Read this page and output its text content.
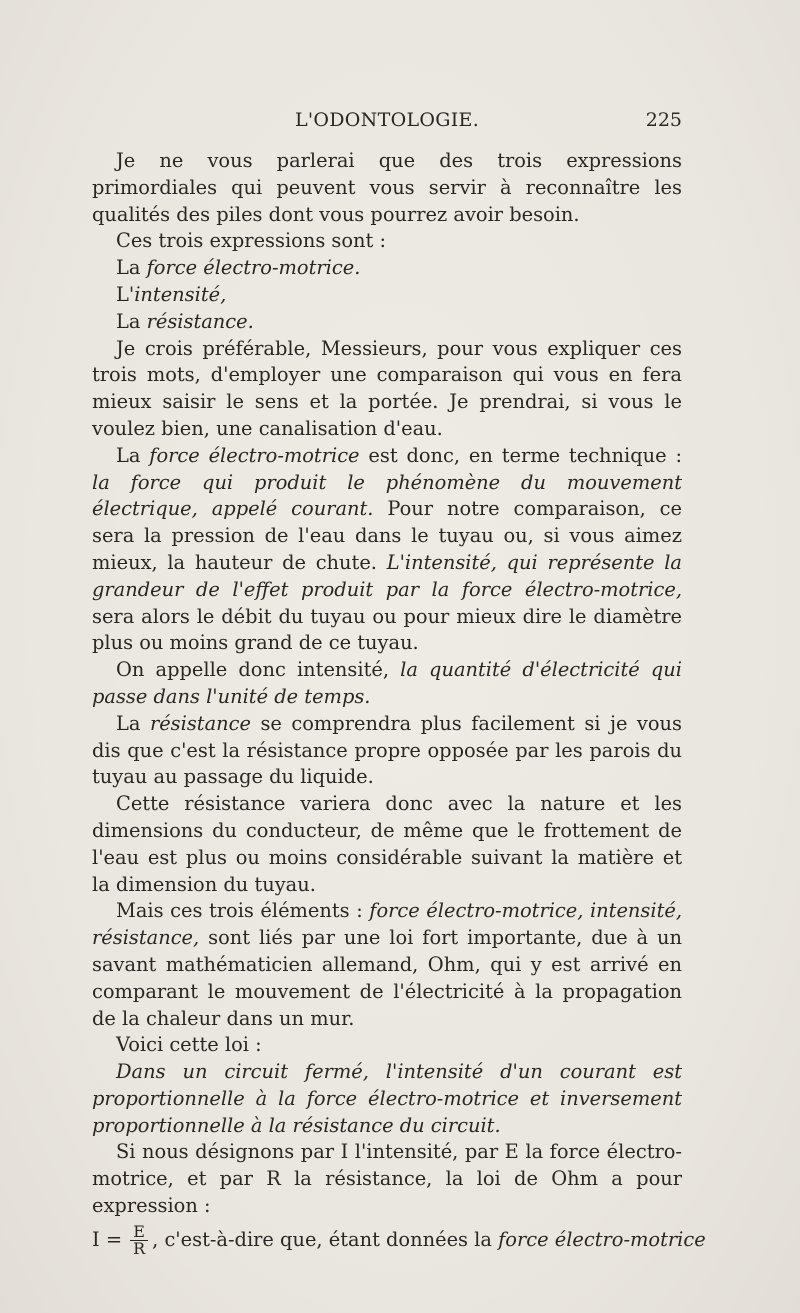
L'ODONTOLOGIE.	225

Je ne vous parlerai que des trois expressions primordiales qui peuvent vous servir à reconnaître les qualités des piles dont vous pourrez avoir besoin.

Ces trois expressions sont :

La force électro-motrice.

L'intensité,

La résistance.

Je crois préférable, Messieurs, pour vous expliquer ces trois mots, d'employer une comparaison qui vous en fera mieux saisir le sens et la portée. Je prendrai, si vous le voulez bien, une canalisation d'eau.

La force électro-motrice est donc, en terme technique : la force qui produit le phénomène du mouvement électrique, appelé courant. Pour notre comparaison, ce sera la pression de l'eau dans le tuyau ou, si vous aimez mieux, la hauteur de chute. L'intensité, qui représente la grandeur de l'effet produit par la force électro-motrice, sera alors le débit du tuyau ou pour mieux dire le diamètre plus ou moins grand de ce tuyau.

On appelle donc intensité, la quantité d'électricité qui passe dans l'unité de temps.

La résistance se comprendra plus facilement si je vous dis que c'est la résistance propre opposée par les parois du tuyau au passage du liquide.

Cette résistance variera donc avec la nature et les dimensions du conducteur, de même que le frottement de l'eau est plus ou moins considérable suivant la matière et la dimension du tuyau.

Mais ces trois éléments : force électro-motrice, intensité, résistance, sont liés par une loi fort importante, due à un savant mathématicien allemand, Ohm, qui y est arrivé en comparant le mouvement de l'électricité à la propagation de la chaleur dans un mur.

Voici cette loi :

Dans un circuit fermé, l'intensité d'un courant est proportionnelle à la force électro-motrice et inversement proportionnelle à la résistance du circuit.

Si nous désignons par I l'intensité, par E la force électro-motrice, et par R la résistance, la loi de Ohm a pour expression :

$I = \frac{E}{R}$ , c'est-à-dire que, étant données la
force électro-motrice
